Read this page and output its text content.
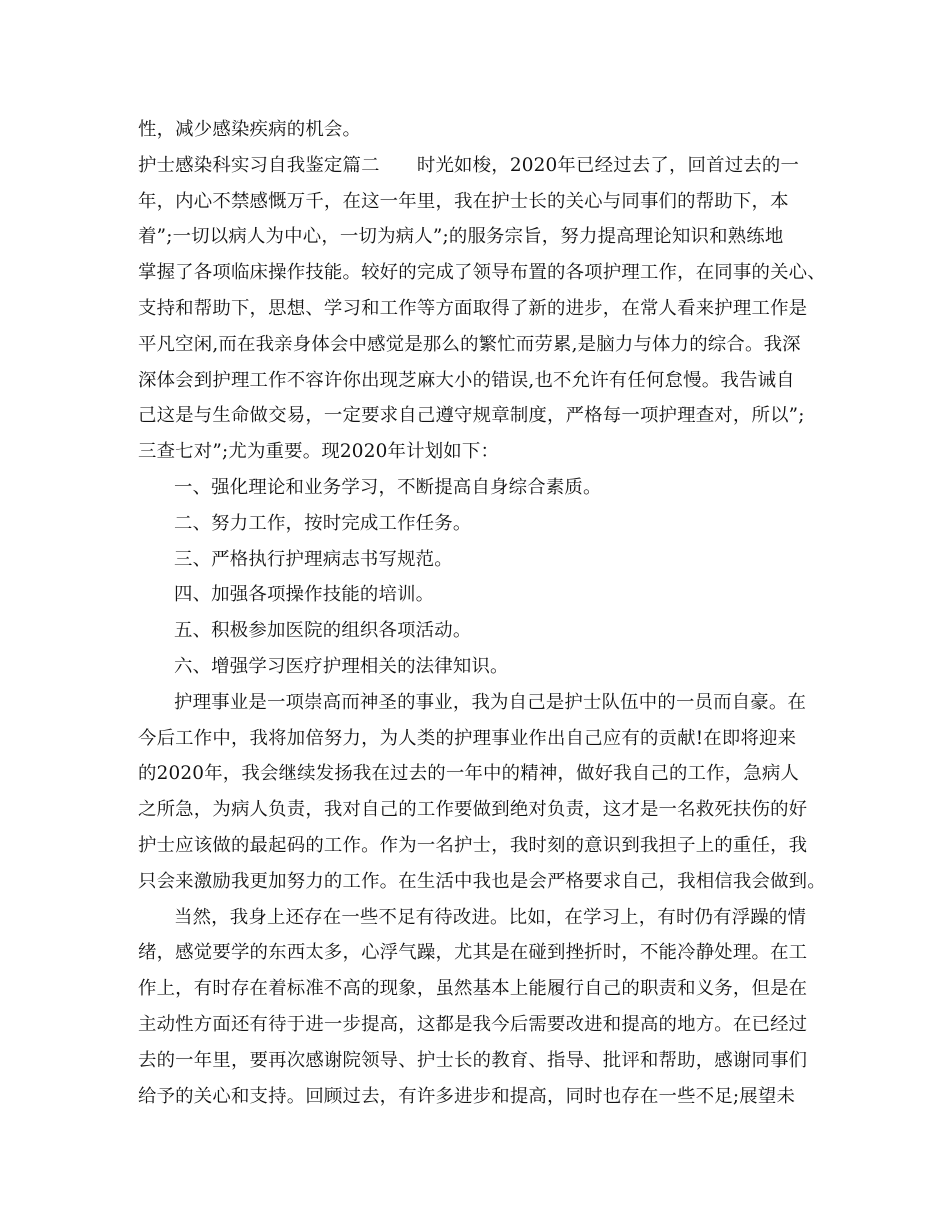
性，减少感染疾病的机会。
护士感染科实习自我鉴定篇二　　时光如梭，2020年已经过去了，回首过去的一
年，内心不禁感慨万千，在这一年里，我在护士长的关心与同事们的帮助下，本
着”;一切以病人为中心，一切为病人”;的服务宗旨，努力提高理论知识和熟练地
掌握了各项临床操作技能。较好的完成了领导布置的各项护理工作，在同事的关心、
支持和帮助下，思想、学习和工作等方面取得了新的进步，在常人看来护理工作是
平凡空闲,而在我亲身体会中感觉是那么的繁忙而劳累,是脑力与体力的综合。我深
深体会到护理工作不容许你出现芝麻大小的错误,也不允许有任何怠慢。我告诫自
己这是与生命做交易，一定要求自己遵守规章制度，严格每一项护理查对，所以”;
三查七对”;尤为重要。现2020年计划如下：
一、强化理论和业务学习，不断提高自身综合素质。
二、努力工作，按时完成工作任务。
三、严格执行护理病志书写规范。
四、加强各项操作技能的培训。
五、积极参加医院的组织各项活动。
六、增强学习医疗护理相关的法律知识。
护理事业是一项崇高而神圣的事业，我为自己是护士队伍中的一员而自豪。在
今后工作中，我将加倍努力，为人类的护理事业作出自己应有的贡献!在即将迎来
的2020年，我会继续发扬我在过去的一年中的精神，做好我自己的工作，急病人
之所急，为病人负责，我对自己的工作要做到绝对负责，这才是一名救死扶伤的好
护士应该做的最起码的工作。作为一名护士，我时刻的意识到我担子上的重任，我
只会来激励我更加努力的工作。在生活中我也是会严格要求自己，我相信我会做到。
当然，我身上还存在一些不足有待改进。比如，在学习上，有时仍有浮躁的情
绪，感觉要学的东西太多，心浮气躁，尤其是在碰到挫折时，不能冷静处理。在工
作上，有时存在着标准不高的现象，虽然基本上能履行自己的职责和义务，但是在
主动性方面还有待于进一步提高，这都是我今后需要改进和提高的地方。在已经过
去的一年里，要再次感谢院领导、护士长的教育、指导、批评和帮助，感谢同事们
给予的关心和支持。回顾过去，有许多进步和提高，同时也存在一些不足;展望未
